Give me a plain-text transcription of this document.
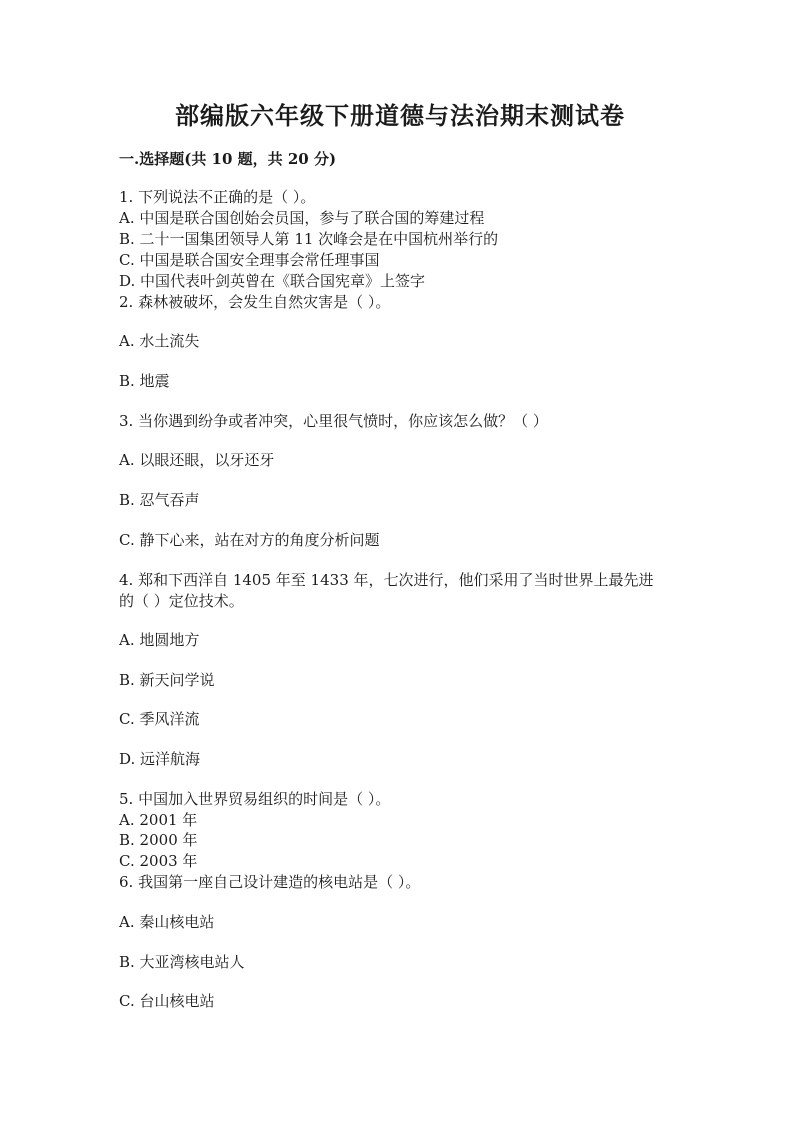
部编版六年级下册道德与法治期末测试卷
一.选择题(共 10 题，共 20 分)
1. 下列说法不正确的是（ ）。
A. 中国是联合国创始会员国，参与了联合国的筹建过程
B. 二十一国集团领导人第 11 次峰会是在中国杭州举行的
C. 中国是联合国安全理事会常任理事国
D. 中国代表叶剑英曾在《联合国宪章》上签字
2. 森林被破坏，会发生自然灾害是（ ）。
A. 水土流失
B. 地震
3. 当你遇到纷争或者冲突，心里很气愤时，你应该怎么做？（ ）
A. 以眼还眼，以牙还牙
B. 忍气吞声
C. 静下心来，站在对方的角度分析问题
4. 郑和下西洋自 1405 年至 1433 年，七次进行，他们采用了当时世界上最先进
的（ ）定位技术。
A. 地圆地方
B. 新天问学说
C. 季风洋流
D. 远洋航海
5. 中国加入世界贸易组织的时间是（ ）。
A. 2001 年
B. 2000 年
C. 2003 年
6. 我国第一座自己设计建造的核电站是（ ）。
A. 秦山核电站
B. 大亚湾核电站人
C. 台山核电站
